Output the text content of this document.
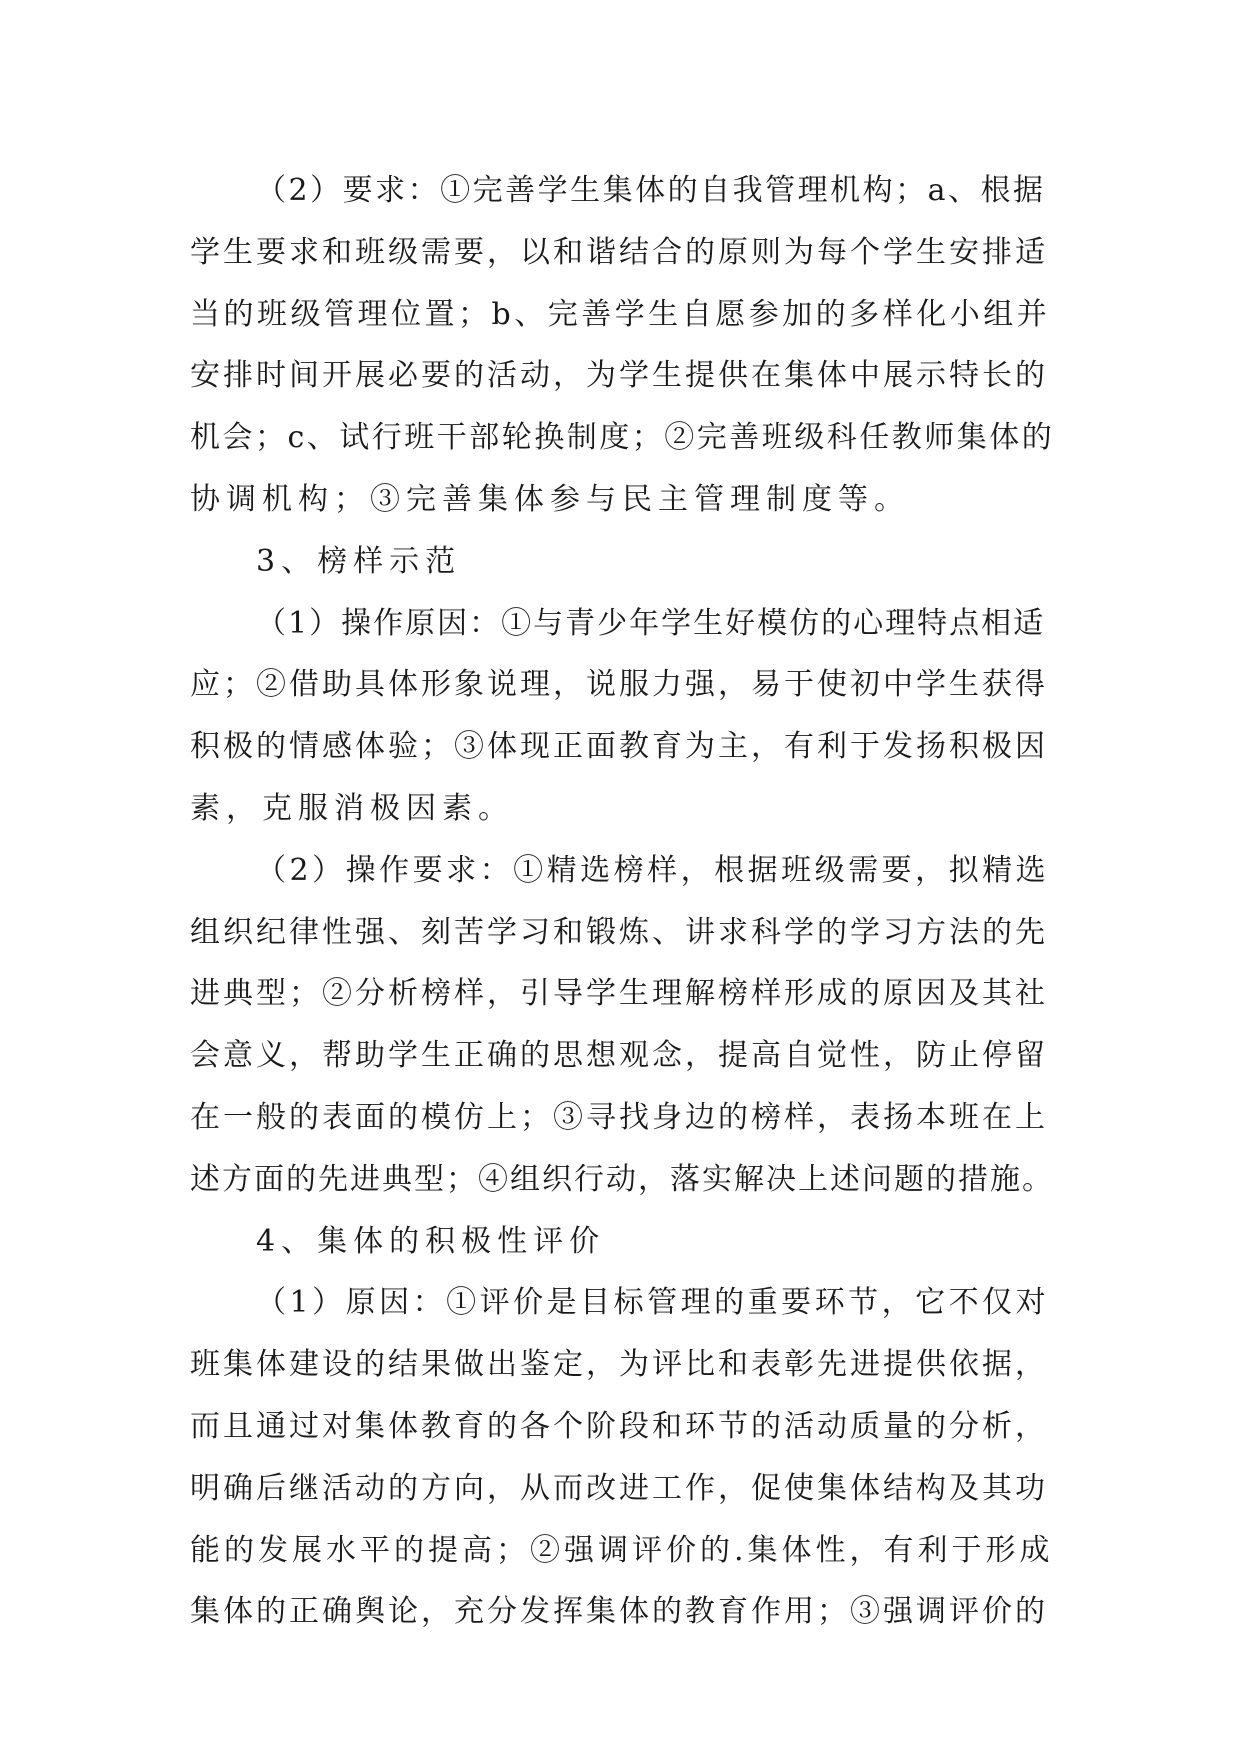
（2）要求：①完善学生集体的自我管理机构；a、根据
学生要求和班级需要，以和谐结合的原则为每个学生安排适
当的班级管理位置；b、完善学生自愿参加的多样化小组并
安排时间开展必要的活动，为学生提供在集体中展示特长的
机会；c、试行班干部轮换制度；②完善班级科任教师集体的
协调机构；③完善集体参与民主管理制度等。
3、榜样示范
（1）操作原因：①与青少年学生好模仿的心理特点相适
应；②借助具体形象说理，说服力强，易于使初中学生获得
积极的情感体验；③体现正面教育为主，有利于发扬积极因
素，克服消极因素。
（2）操作要求：①精选榜样，根据班级需要，拟精选
组织纪律性强、刻苦学习和锻炼、讲求科学的学习方法的先
进典型；②分析榜样，引导学生理解榜样形成的原因及其社
会意义，帮助学生正确的思想观念，提高自觉性，防止停留
在一般的表面的模仿上；③寻找身边的榜样，表扬本班在上
述方面的先进典型；④组织行动，落实解决上述问题的措施。
4、集体的积极性评价
（1）原因：①评价是目标管理的重要环节，它不仅对
班集体建设的结果做出鉴定，为评比和表彰先进提供依据，
而且通过对集体教育的各个阶段和环节的活动质量的分析，
明确后继活动的方向，从而改进工作，促使集体结构及其功
能的发展水平的提高；②强调评价的.集体性，有利于形成
集体的正确舆论，充分发挥集体的教育作用；③强调评价的
